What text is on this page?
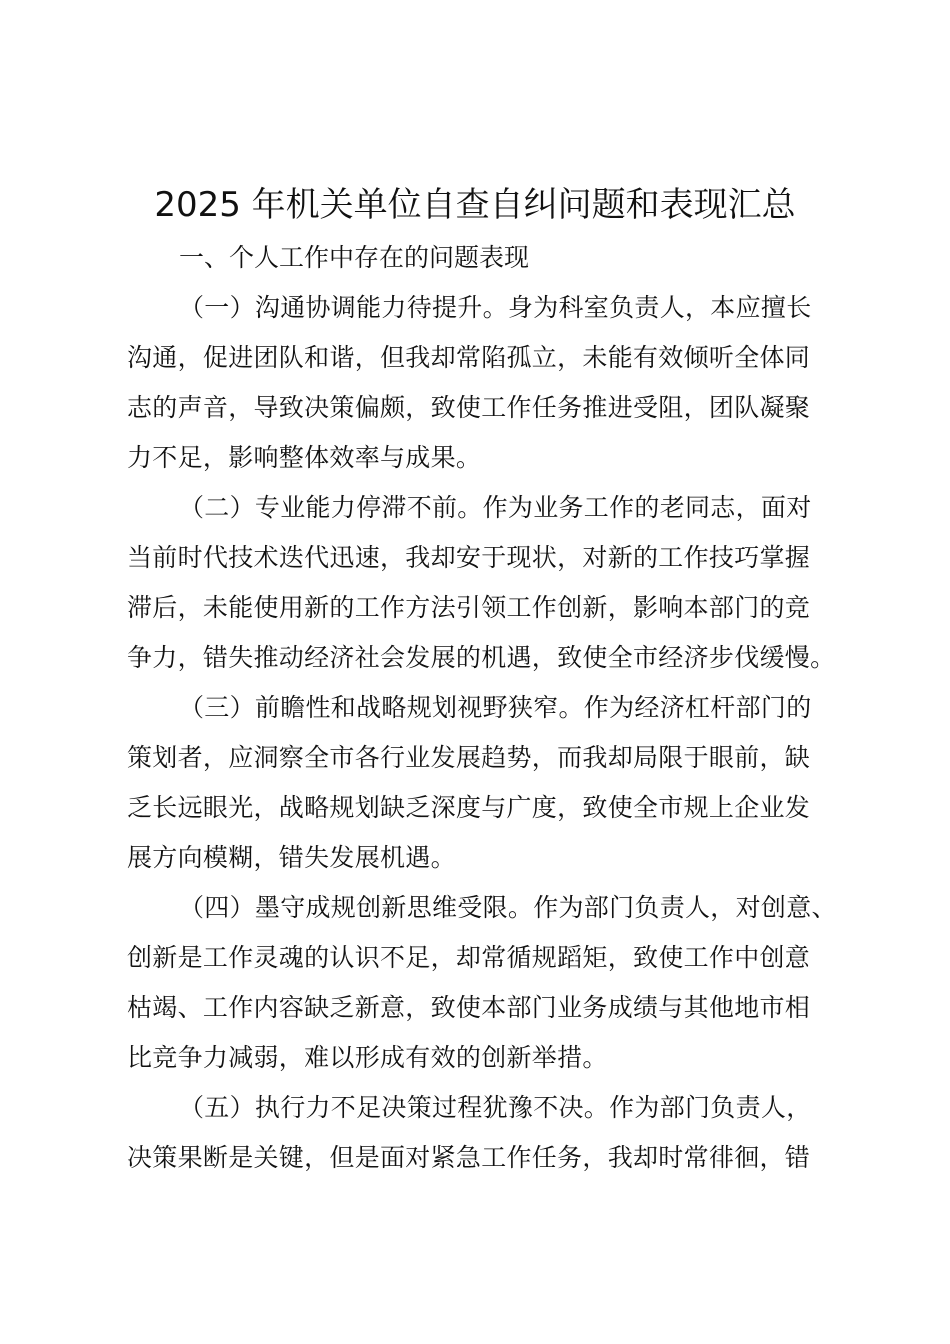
2025 年机关单位自查自纠问题和表现汇总

一、个人工作中存在的问题表现

（一）沟通协调能力待提升。身为科室负责人，本应擅长
沟通，促进团队和谐，但我却常陷孤立，未能有效倾听全体同
志的声音，导致决策偏颇，致使工作任务推进受阻，团队凝聚
力不足，影响整体效率与成果。
（二）专业能力停滞不前。作为业务工作的老同志，面对
当前时代技术迭代迅速，我却安于现状，对新的工作技巧掌握
滞后，未能使用新的工作方法引领工作创新，影响本部门的竞
争力，错失推动经济社会发展的机遇，致使全市经济步伐缓慢。
（三）前瞻性和战略规划视野狭窄。作为经济杠杆部门的
策划者，应洞察全市各行业发展趋势，而我却局限于眼前，缺
乏长远眼光，战略规划缺乏深度与广度，致使全市规上企业发
展方向模糊，错失发展机遇。
（四）墨守成规创新思维受限。作为部门负责人，对创意、
创新是工作灵魂的认识不足，却常循规蹈矩，致使工作中创意
枯竭、工作内容缺乏新意，致使本部门业务成绩与其他地市相
比竞争力减弱，难以形成有效的创新举措。
（五）执行力不足决策过程犹豫不决。作为部门负责人，
决策果断是关键，但是面对紧急工作任务，我却时常徘徊，错
